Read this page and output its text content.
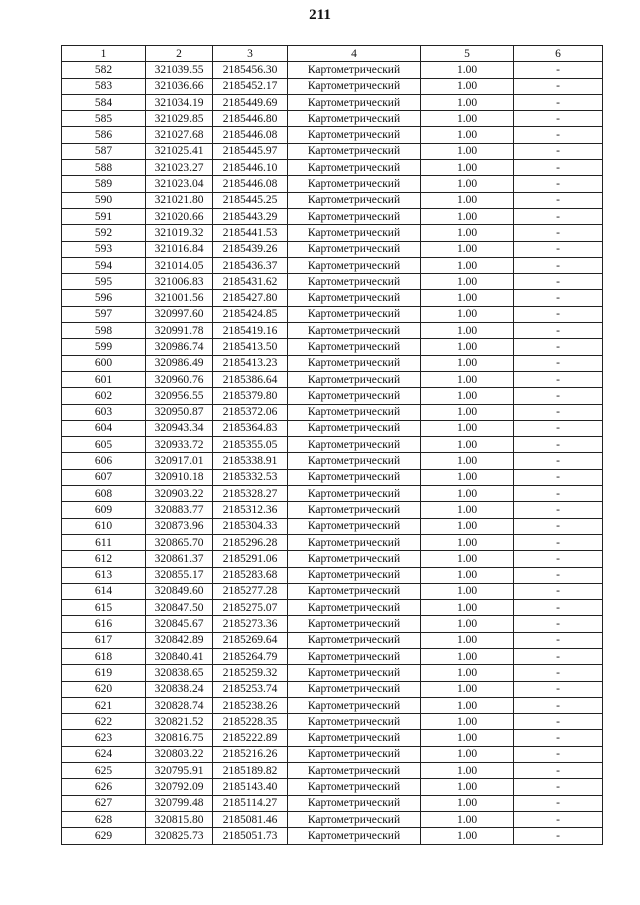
211
1	2	3	4	5	6
582	321039.55	2185456.30	Картометрический	1.00	-
583	321036.66	2185452.17	Картометрический	1.00	-
584	321034.19	2185449.69	Картометрический	1.00	-
585	321029.85	2185446.80	Картометрический	1.00	-
586	321027.68	2185446.08	Картометрический	1.00	-
587	321025.41	2185445.97	Картометрический	1.00	-
588	321023.27	2185446.10	Картометрический	1.00	-
589	321023.04	2185446.08	Картометрический	1.00	-
590	321021.80	2185445.25	Картометрический	1.00	-
591	321020.66	2185443.29	Картометрический	1.00	-
592	321019.32	2185441.53	Картометрический	1.00	-
593	321016.84	2185439.26	Картометрический	1.00	-
594	321014.05	2185436.37	Картометрический	1.00	-
595	321006.83	2185431.62	Картометрический	1.00	-
596	321001.56	2185427.80	Картометрический	1.00	-
597	320997.60	2185424.85	Картометрический	1.00	-
598	320991.78	2185419.16	Картометрический	1.00	-
599	320986.74	2185413.50	Картометрический	1.00	-
600	320986.49	2185413.23	Картометрический	1.00	-
601	320960.76	2185386.64	Картометрический	1.00	-
602	320956.55	2185379.80	Картометрический	1.00	-
603	320950.87	2185372.06	Картометрический	1.00	-
604	320943.34	2185364.83	Картометрический	1.00	-
605	320933.72	2185355.05	Картометрический	1.00	-
606	320917.01	2185338.91	Картометрический	1.00	-
607	320910.18	2185332.53	Картометрический	1.00	-
608	320903.22	2185328.27	Картометрический	1.00	-
609	320883.77	2185312.36	Картометрический	1.00	-
610	320873.96	2185304.33	Картометрический	1.00	-
611	320865.70	2185296.28	Картометрический	1.00	-
612	320861.37	2185291.06	Картометрический	1.00	-
613	320855.17	2185283.68	Картометрический	1.00	-
614	320849.60	2185277.28	Картометрический	1.00	-
615	320847.50	2185275.07	Картометрический	1.00	-
616	320845.67	2185273.36	Картометрический	1.00	-
617	320842.89	2185269.64	Картометрический	1.00	-
618	320840.41	2185264.79	Картометрический	1.00	-
619	320838.65	2185259.32	Картометрический	1.00	-
620	320838.24	2185253.74	Картометрический	1.00	-
621	320828.74	2185238.26	Картометрический	1.00	-
622	320821.52	2185228.35	Картометрический	1.00	-
623	320816.75	2185222.89	Картометрический	1.00	-
624	320803.22	2185216.26	Картометрический	1.00	-
625	320795.91	2185189.82	Картометрический	1.00	-
626	320792.09	2185143.40	Картометрический	1.00	-
627	320799.48	2185114.27	Картометрический	1.00	-
628	320815.80	2185081.46	Картометрический	1.00	-
629	320825.73	2185051.73	Картометрический	1.00	-
